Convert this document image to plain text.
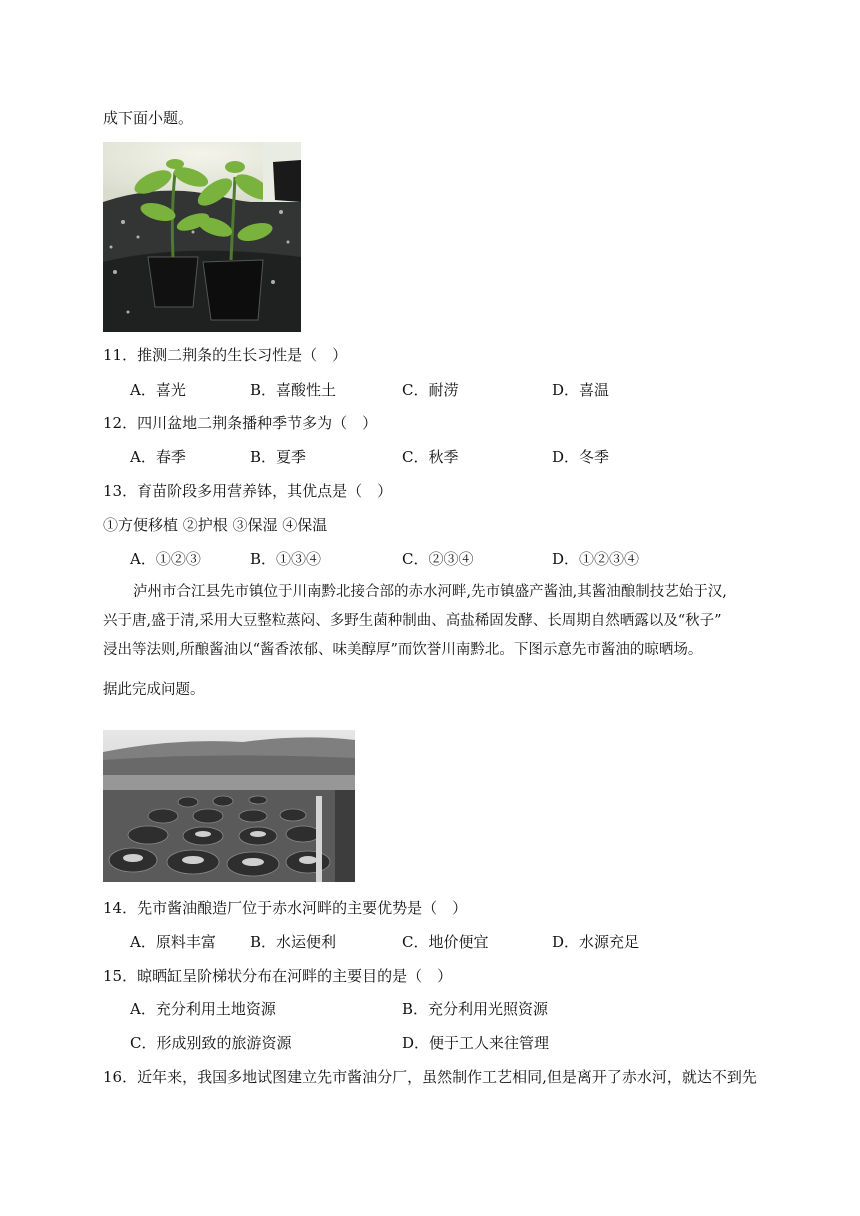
成下面小题。
11．推测二荆条的生长习性是（　）
A．喜光	B．喜酸性土	C．耐涝	D．喜温
12．四川盆地二荆条播种季节多为（　）
A．春季	B．夏季	C．秋季	D．冬季
13．育苗阶段多用营养钵，其优点是（　）
①方便移植 ②护根 ③保湿 ④保温
A．①②③	B．①③④	C．②③④	D．①②③④
泸州市合江县先市镇位于川南黔北接合部的赤水河畔,先市镇盛产酱油,其酱油酿制技艺始于汉,
兴于唐,盛于清,采用大豆整粒蒸闷、多野生菌种制曲、高盐稀固发酵、长周期自然晒露以及“秋子”
浸出等法则,所酿酱油以“酱香浓郁、味美醇厚”而饮誉川南黔北。下图示意先市酱油的晾晒场。
据此完成问题。
14．先市酱油酿造厂位于赤水河畔的主要优势是（　）
A．原料丰富 B．水运便利	C．地价便宜	D．水源充足
15．晾晒缸呈阶梯状分布在河畔的主要目的是（　）
A．充分利用土地资源	B．充分利用光照资源
C．形成别致的旅游资源	D．便于工人来往管理
16．近年来，我国多地试图建立先市酱油分厂，虽然制作工艺相同,但是离开了赤水河，就达不到先
